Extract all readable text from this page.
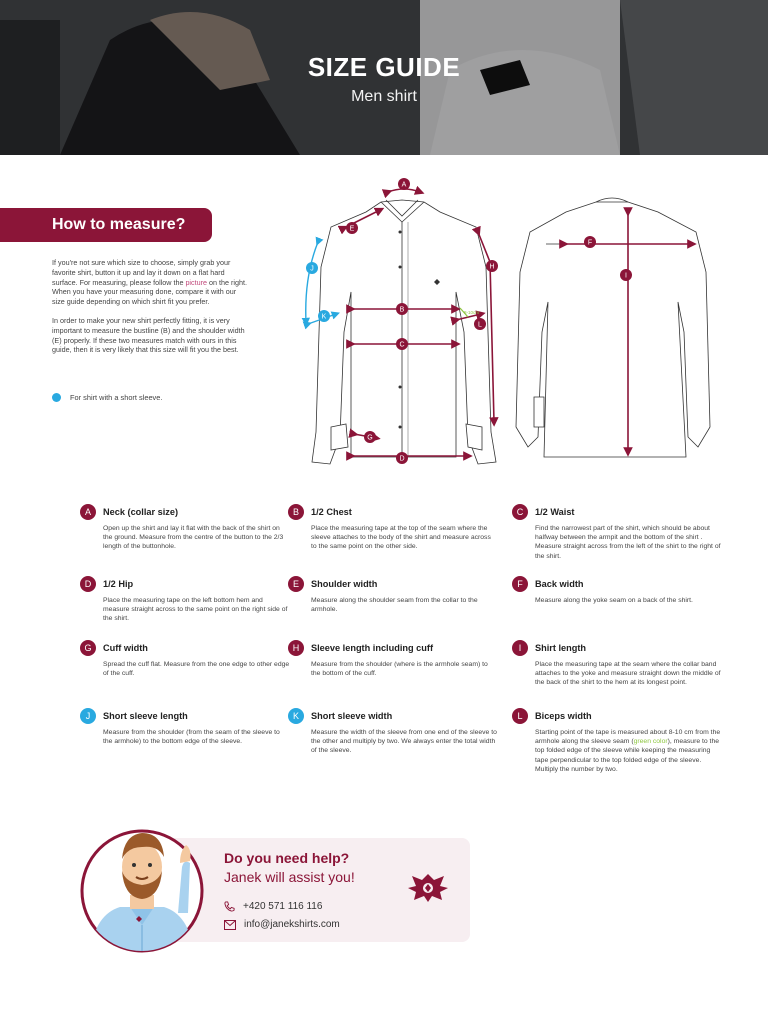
SIZE GUIDE
Men shirt
How to measure?

If you're not sure which size to choose, simply grab your favorite shirt, button it up and lay it down on a flat hard surface. For measuring, please follow the picture on the right. When you have your measuring done, compare it with our size guide depending on which shirt fit you prefer.

In order to make your new shirt perfectly fitting, it is very important to measure the bustline (B) and the shoulder width (E) properly. If these two measures match with ours in this guide, then it is very likely that this size will fit you the best.

For shirt with a short sleeve.
8-10cm
A
E
J	H
K
B
L
C
G
D
F
I
A	Neck (collar size)
Open up the shirt and lay it flat with the back of the shirt on the ground. Measure from the centre of the button to the 2/3 length of the buttonhole.
B	1/2 Chest
Place the measuring tape at the top of the seam where the sleeve attaches to the body of the shirt and measure across to the same point on the other side.
C	1/2 Waist
Find the narrowest part of the shirt, which should be about halfway between the armpit and the bottom of the shirt . Measure straight across from the left of the shirt to the right of the shirt.
D	1/2 Hip
Place the measuring tape on the left bottom hem and measure straight across to the same point on the right side of the shirt.
E	Shoulder width
Measure along the shoulder seam from the collar to the armhole.
F	Back width
Measure along the yoke seam on a back of the shirt.
G	Cuff width
Spread the cuff flat. Measure from the one edge to other edge of the cuff.
H	Sleeve length including cuff
Measure from the shoulder (where is the armhole seam) to the bottom of the cuff.
I	Shirt length
Place the measuring tape at the seam where the collar band attaches to the yoke and measure straight down the middle of the back of the shirt to the hem at its longest point.
J	Short sleeve length
Measure from the shoulder (from the seam of the sleeve to the armhole) to the bottom edge of the sleeve.
K	Short sleeve width
Measure the width of the sleeve from one end of the sleeve to the other and multiply by two. We always enter the total width of the sleeve.
L	Biceps width
Starting point of the tape is measured about 8-10 cm from the armhole along the sleeve seam (green color), measure to the top folded edge of the sleeve while keeping the measuring tape perpendicular to the top folded edge of the sleeve. Multiply the number by two.
Do you need help?
Janek will assist you!
+420 571 116 116
info@janekshirts.com
